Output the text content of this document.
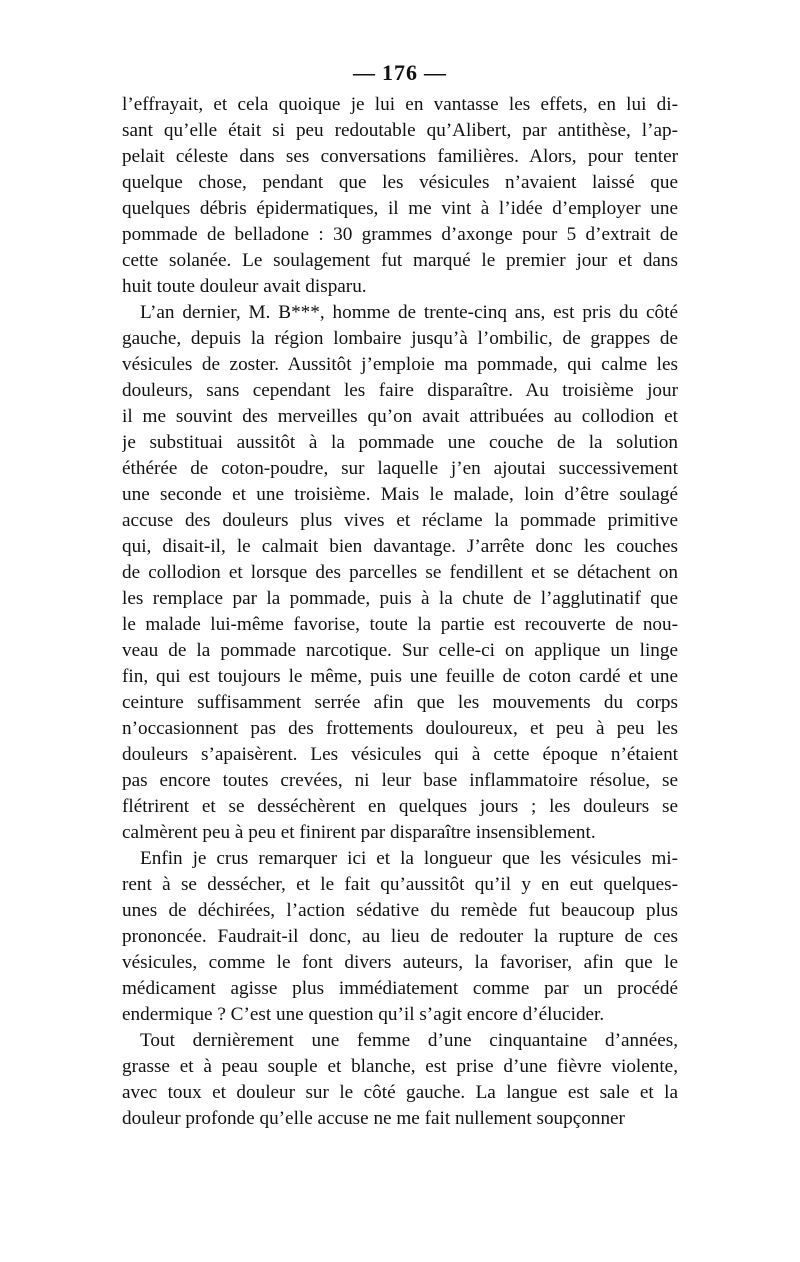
— 176 —
l’effrayait, et cela quoique je lui en vantasse les effets, en lui di-
sant qu’elle était si peu redoutable qu’Alibert, par antithèse, l’ap-
pelait céleste dans ses conversations familières. Alors, pour tenter
quelque chose, pendant que les vésicules n’avaient laissé que
quelques débris épidermatiques, il me vint à l’idée d’employer une
pommade de belladone : 30 grammes d’axonge pour 5 d’extrait de
cette solanée. Le soulagement fut marqué le premier jour et dans
huit toute douleur avait disparu.
L’an dernier, M. B***, homme de trente-cinq ans, est pris du côté
gauche, depuis la région lombaire jusqu’à l’ombilic, de grappes de
vésicules de zoster. Aussitôt j’emploie ma pommade, qui calme les
douleurs, sans cependant les faire disparaître. Au troisième jour
il me souvint des merveilles qu’on avait attribuées au collodion et
je substituai aussitôt à la pommade une couche de la solution
éthérée de coton-poudre, sur laquelle j’en ajoutai successivement
une seconde et une troisième. Mais le malade, loin d’être soulagé
accuse des douleurs plus vives et réclame la pommade primitive
qui, disait-il, le calmait bien davantage. J’arrête donc les couches
de collodion et lorsque des parcelles se fendillent et se détachent on
les remplace par la pommade, puis à la chute de l’agglutinatif que
le malade lui-même favorise, toute la partie est recouverte de nou-
veau de la pommade narcotique. Sur celle-ci on applique un linge
fin, qui est toujours le même, puis une feuille de coton cardé et une
ceinture suffisamment serrée afin que les mouvements du corps
n’occasionnent pas des frottements douloureux, et peu à peu les
douleurs s’apaisèrent. Les vésicules qui à cette époque n’étaient
pas encore toutes crevées, ni leur base inflammatoire résolue, se
flétrirent et se desséchèrent en quelques jours ; les douleurs se
calmèrent peu à peu et finirent par disparaître insensiblement.
Enfin je crus remarquer ici et la longueur que les vésicules mi-
rent à se dessécher, et le fait qu’aussitôt qu’il y en eut quelques-
unes de déchirées, l’action sédative du remède fut beaucoup plus
prononcée. Faudrait-il donc, au lieu de redouter la rupture de ces
vésicules, comme le font divers auteurs, la favoriser, afin que le
médicament agisse plus immédiatement comme par un procédé
endermique ? C’est une question qu’il s’agit encore d’élucider.
Tout dernièrement une femme d’une cinquantaine d’années,
grasse et à peau souple et blanche, est prise d’une fièvre violente,
avec toux et douleur sur le côté gauche. La langue est sale et la
douleur profonde qu’elle accuse ne me fait nullement soupçonner
